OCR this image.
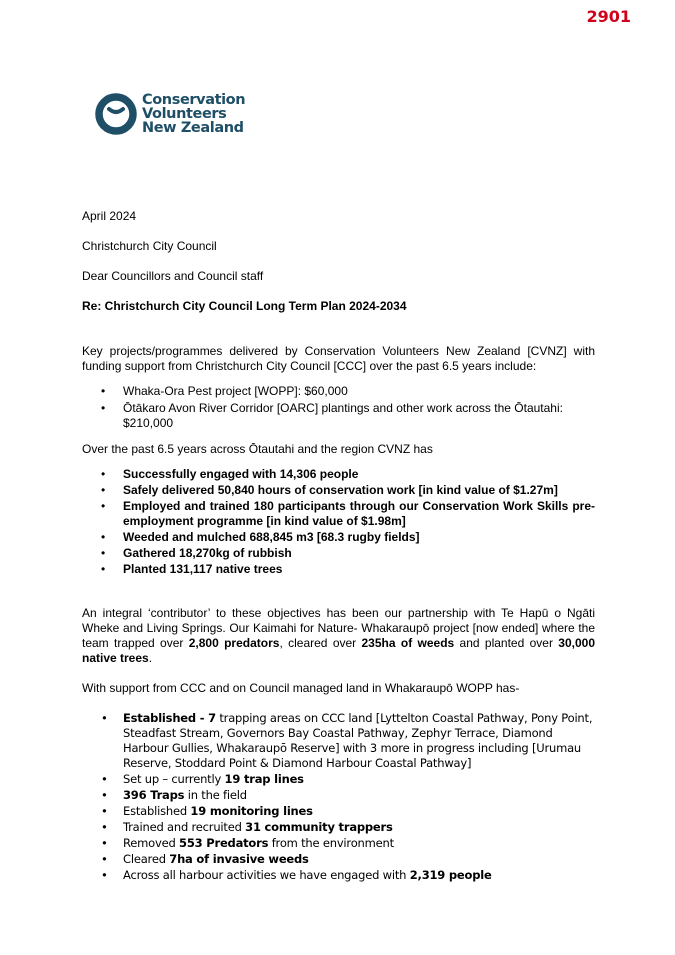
2901
Conservation
Volunteers
New Zealand

April 2024

Christchurch City Council

Dear Councillors and Council staff

Re: Christchurch City Council Long Term Plan 2024-2034

Key projects/programmes delivered by Conservation Volunteers New Zealand [CVNZ] with funding support from Christchurch City Council [CCC] over the past 6.5 years include:

• Whaka-Ora Pest project [WOPP]: $60,000
• Ōtākaro Avon River Corridor [OARC] plantings and other work across the Ōtautahi: $210,000

Over the past 6.5 years across Ōtautahi and the region CVNZ has

• Successfully engaged with 14,306 people
• Safely delivered 50,840 hours of conservation work [in kind value of $1.27m]
• Employed and trained 180 participants through our Conservation Work Skills pre-employment programme [in kind value of $1.98m]
• Weeded and mulched 688,845 m3 [68.3 rugby fields]
• Gathered 18,270kg of rubbish
• Planted 131,117 native trees

An integral ‘contributor’ to these objectives has been our partnership with Te Hapū o Ngāti Wheke and Living Springs. Our Kaimahi for Nature- Whakaraupō project [now ended] where the team trapped over 2,800 predators, cleared over 235ha of weeds and planted over 30,000 native trees.

With support from CCC and on Council managed land in Whakaraupō WOPP has-

• Established - 7 trapping areas on CCC land [Lyttelton Coastal Pathway, Pony Point, Steadfast Stream, Governors Bay Coastal Pathway, Zephyr Terrace, Diamond Harbour Gullies, Whakaraupō Reserve] with 3 more in progress including [Urumau Reserve, Stoddard Point & Diamond Harbour Coastal Pathway]
• Set up – currently 19 trap lines
• 396 Traps in the field
• Established 19 monitoring lines
• Trained and recruited 31 community trappers
• Removed 553 Predators from the environment
• Cleared 7ha of invasive weeds
• Across all harbour activities we have engaged with 2,319 people
